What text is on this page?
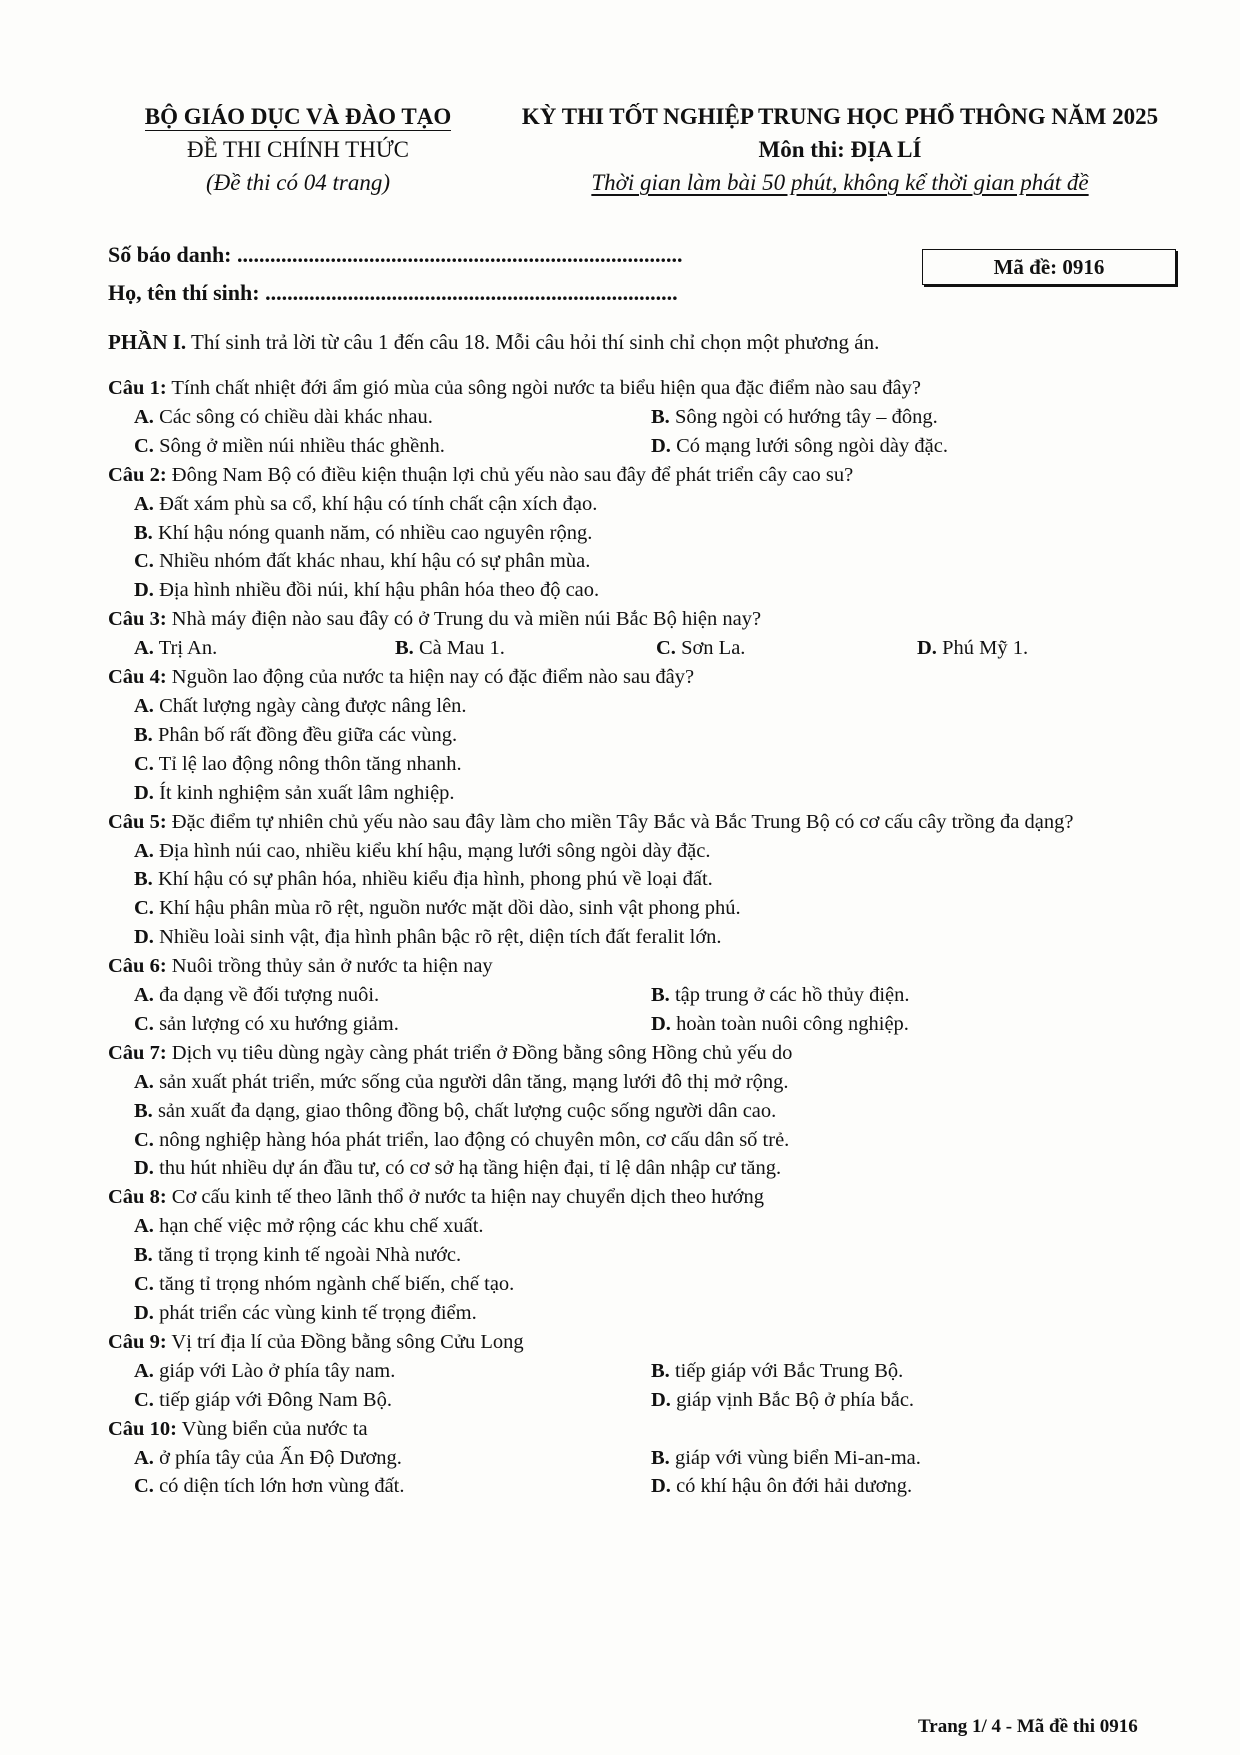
BỘ GIÁO DỤC VÀ ĐÀO TẠO
ĐỀ THI CHÍNH THỨC
(Đề thi có 04 trang)
KỲ THI TỐT NGHIỆP TRUNG HỌC PHỔ THÔNG NĂM 2025
Môn thi: ĐỊA LÍ
Thời gian làm bài 50 phút, không kể thời gian phát đề
Số báo danh: .................................................................................
Họ, tên thí sinh: ...........................................................................
Mã đề: 0916
PHẦN I. Thí sinh trả lời từ câu 1 đến câu 18. Mỗi câu hỏi thí sinh chỉ chọn một phương án.
Câu 1: Tính chất nhiệt đới ẩm gió mùa của sông ngòi nước ta biểu hiện qua đặc điểm nào sau đây?
A. Các sông có chiều dài khác nhau.	B. Sông ngòi có hướng tây – đông.
C. Sông ở miền núi nhiều thác ghềnh.	D. Có mạng lưới sông ngòi dày đặc.
Câu 2: Đông Nam Bộ có điều kiện thuận lợi chủ yếu nào sau đây để phát triển cây cao su?
A. Đất xám phù sa cổ, khí hậu có tính chất cận xích đạo.
B. Khí hậu nóng quanh năm, có nhiều cao nguyên rộng.
C. Nhiều nhóm đất khác nhau, khí hậu có sự phân mùa.
D. Địa hình nhiều đồi núi, khí hậu phân hóa theo độ cao.
Câu 3: Nhà máy điện nào sau đây có ở Trung du và miền núi Bắc Bộ hiện nay?
A. Trị An.	B. Cà Mau 1.	C. Sơn La.	D. Phú Mỹ 1.
Câu 4: Nguồn lao động của nước ta hiện nay có đặc điểm nào sau đây?
A. Chất lượng ngày càng được nâng lên.
B. Phân bố rất đồng đều giữa các vùng.
C. Tỉ lệ lao động nông thôn tăng nhanh.
D. Ít kinh nghiệm sản xuất lâm nghiệp.
Câu 5: Đặc điểm tự nhiên chủ yếu nào sau đây làm cho miền Tây Bắc và Bắc Trung Bộ có cơ cấu cây trồng đa dạng?
A. Địa hình núi cao, nhiều kiểu khí hậu, mạng lưới sông ngòi dày đặc.
B. Khí hậu có sự phân hóa, nhiều kiểu địa hình, phong phú về loại đất.
C. Khí hậu phân mùa rõ rệt, nguồn nước mặt dồi dào, sinh vật phong phú.
D. Nhiều loài sinh vật, địa hình phân bậc rõ rệt, diện tích đất feralit lớn.
Câu 6: Nuôi trồng thủy sản ở nước ta hiện nay
A. đa dạng về đối tượng nuôi.	B. tập trung ở các hồ thủy điện.
C. sản lượng có xu hướng giảm.	D. hoàn toàn nuôi công nghiệp.
Câu 7: Dịch vụ tiêu dùng ngày càng phát triển ở Đồng bằng sông Hồng chủ yếu do
A. sản xuất phát triển, mức sống của người dân tăng, mạng lưới đô thị mở rộng.
B. sản xuất đa dạng, giao thông đồng bộ, chất lượng cuộc sống người dân cao.
C. nông nghiệp hàng hóa phát triển, lao động có chuyên môn, cơ cấu dân số trẻ.
D. thu hút nhiều dự án đầu tư, có cơ sở hạ tầng hiện đại, tỉ lệ dân nhập cư tăng.
Câu 8: Cơ cấu kinh tế theo lãnh thổ ở nước ta hiện nay chuyển dịch theo hướng
A. hạn chế việc mở rộng các khu chế xuất.
B. tăng tỉ trọng kinh tế ngoài Nhà nước.
C. tăng tỉ trọng nhóm ngành chế biến, chế tạo.
D. phát triển các vùng kinh tế trọng điểm.
Câu 9: Vị trí địa lí của Đồng bằng sông Cửu Long
A. giáp với Lào ở phía tây nam.	B. tiếp giáp với Bắc Trung Bộ.
C. tiếp giáp với Đông Nam Bộ.	D. giáp vịnh Bắc Bộ ở phía bắc.
Câu 10: Vùng biển của nước ta
A. ở phía tây của Ấn Độ Dương.	B. giáp với vùng biển Mi-an-ma.
C. có diện tích lớn hơn vùng đất.	D. có khí hậu ôn đới hải dương.
Trang 1/ 4 - Mã đề thi 0916
